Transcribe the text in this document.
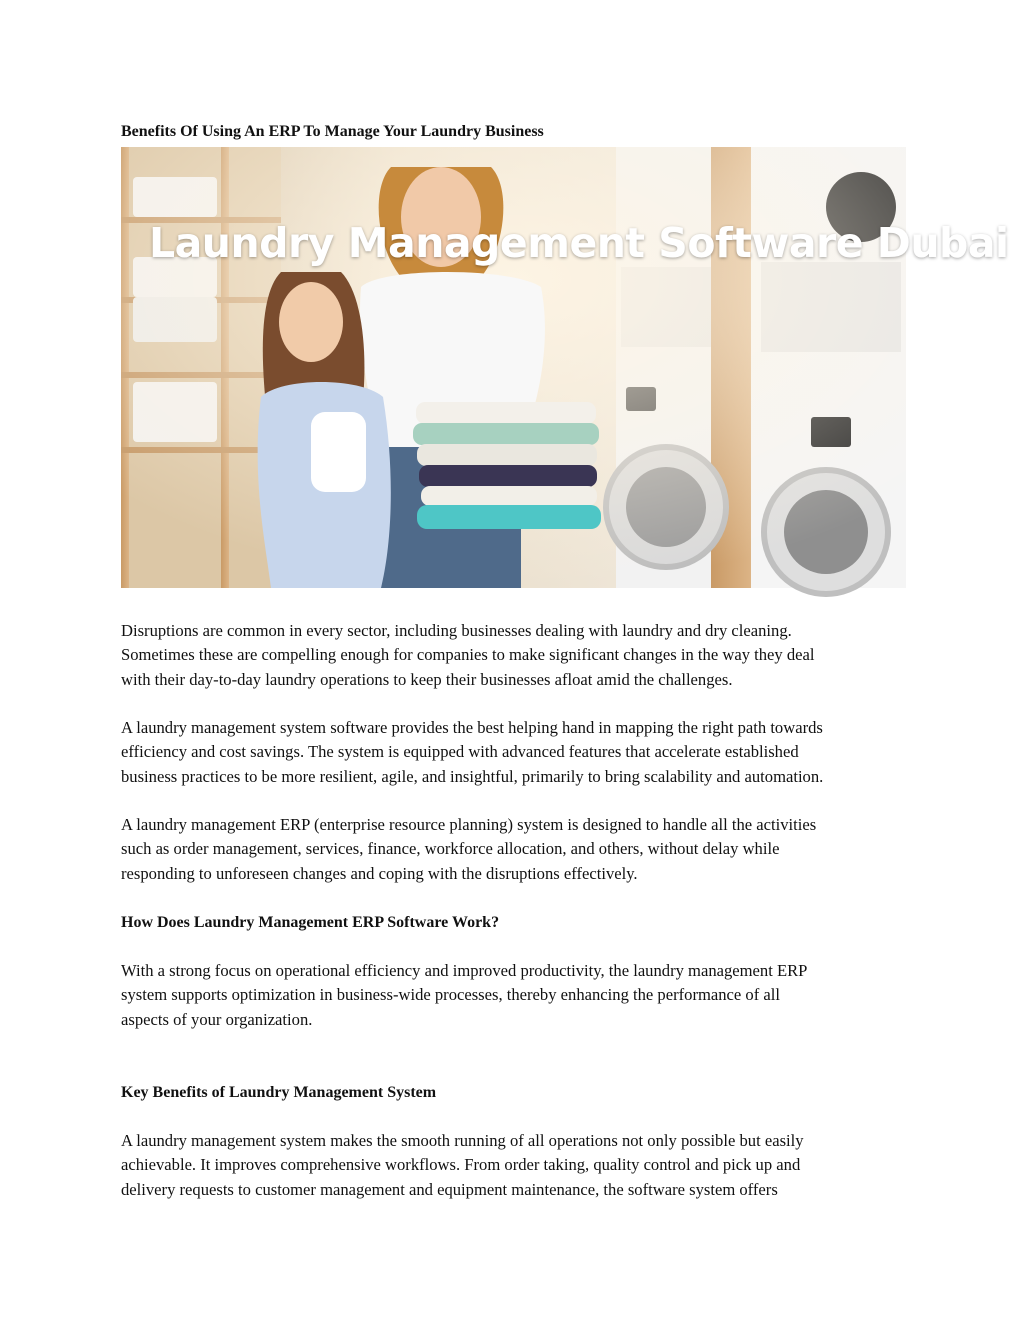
Benefits Of Using An ERP To Manage Your Laundry Business
Laundry Management Software Dubai
Disruptions are common in every sector, including businesses dealing with laundry and dry cleaning.
Sometimes these are compelling enough for companies to make significant changes in the way they deal
with their day-to-day laundry operations to keep their businesses afloat amid the challenges.
A laundry management system software provides the best helping hand in mapping the right path towards
efficiency and cost savings. The system is equipped with advanced features that accelerate established
business practices to be more resilient, agile, and insightful, primarily to bring scalability and automation.
A laundry management ERP (enterprise resource planning) system is designed to handle all the activities
such as order management, services, finance, workforce allocation, and others, without delay while
responding to unforeseen changes and coping with the disruptions effectively.
How Does Laundry Management ERP Software Work?
With a strong focus on operational efficiency and improved productivity, the laundry management ERP
system supports optimization in business-wide processes, thereby enhancing the performance of all
aspects of your organization.
Key Benefits of Laundry Management System
A laundry management system makes the smooth running of all operations not only possible but easily
achievable. It improves comprehensive workflows. From order taking, quality control and pick up and
delivery requests to customer management and equipment maintenance, the software system offers
